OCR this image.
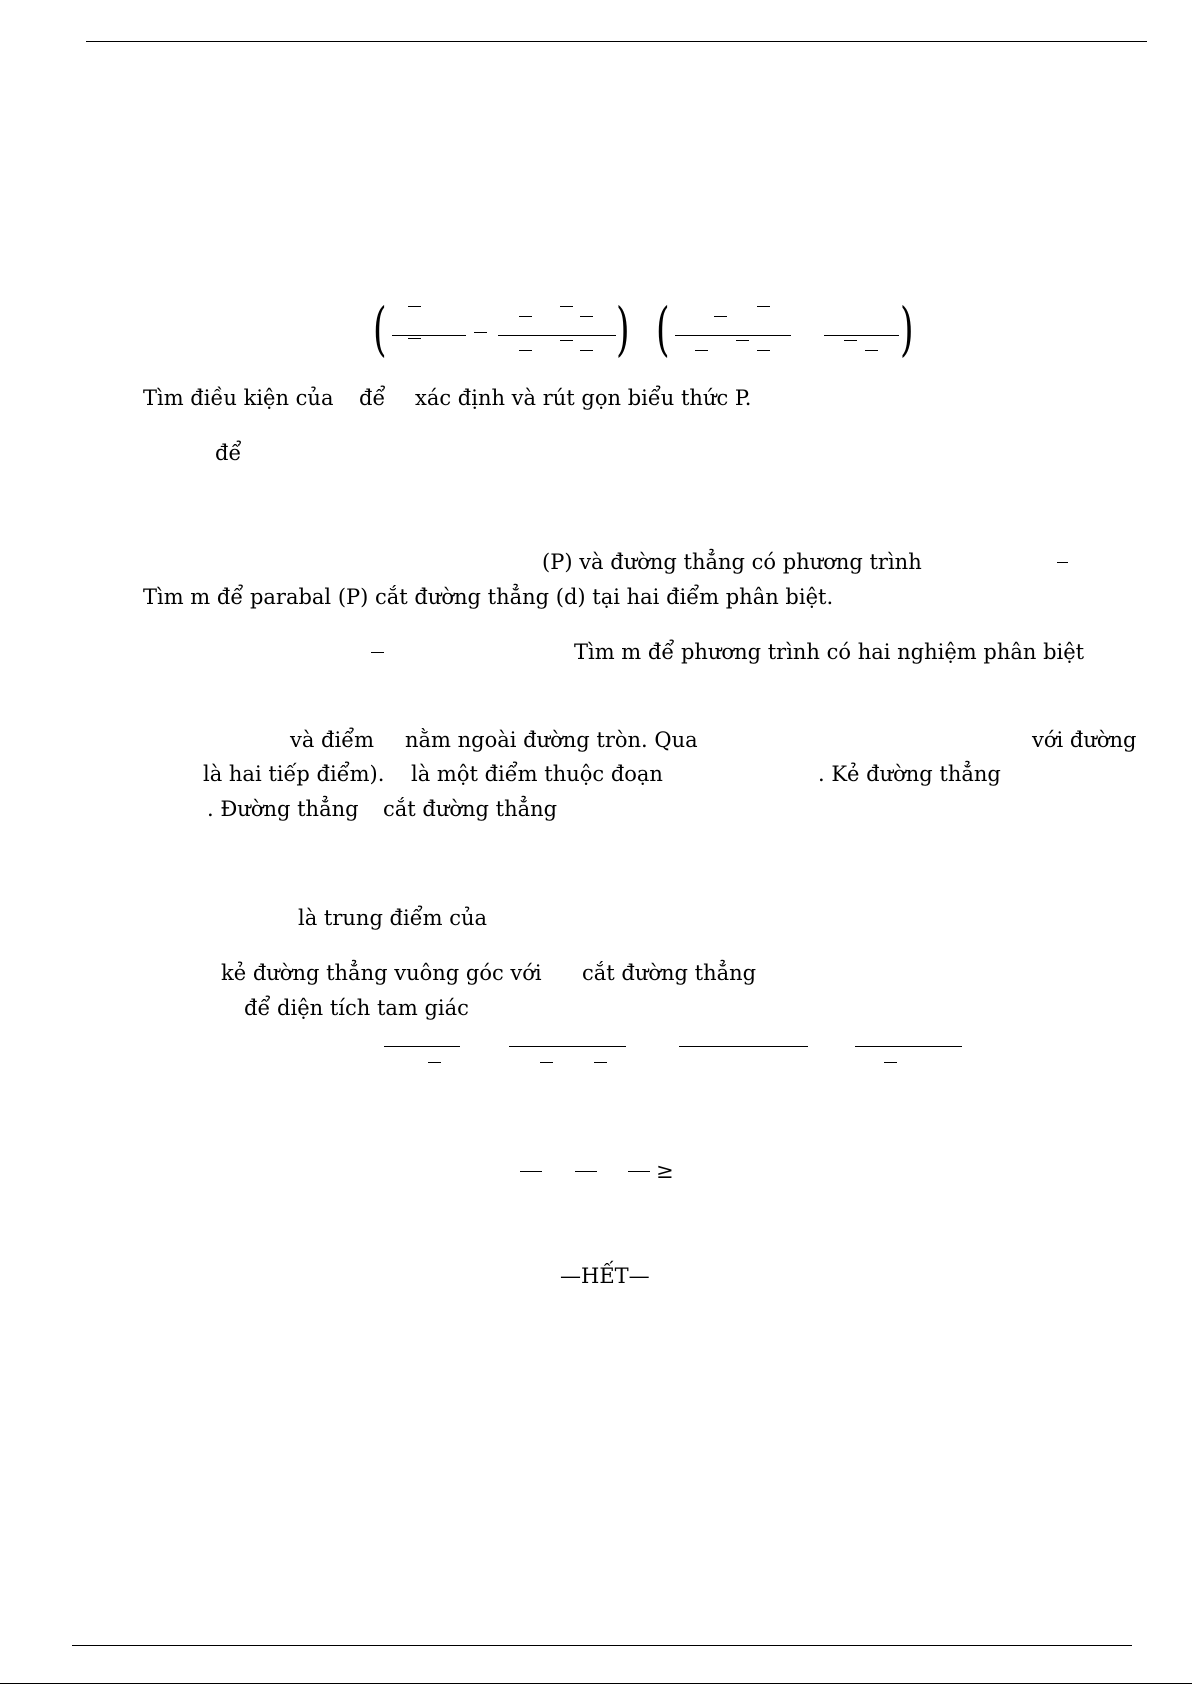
(	) (	)
Tìm điều kiện của để xác định và rút gọn biểu thức P.
để
(P) và đường thẳng có phương trình
Tìm m để parabal (P) cắt đường thẳng (d) tại hai điểm phân biệt.
Tìm m để phương trình có hai nghiệm phân biệt
và điểm nằm ngoài đường tròn. Qua	với đường
là hai tiếp điểm). là một điểm thuộc đoạn	. Kẻ đường thẳng
. Đường thẳng cắt đường thẳng
là trung điểm của
kẻ đường thẳng vuông góc với cắt đường thẳng
để diện tích tam giác
≥
—HẾT—
